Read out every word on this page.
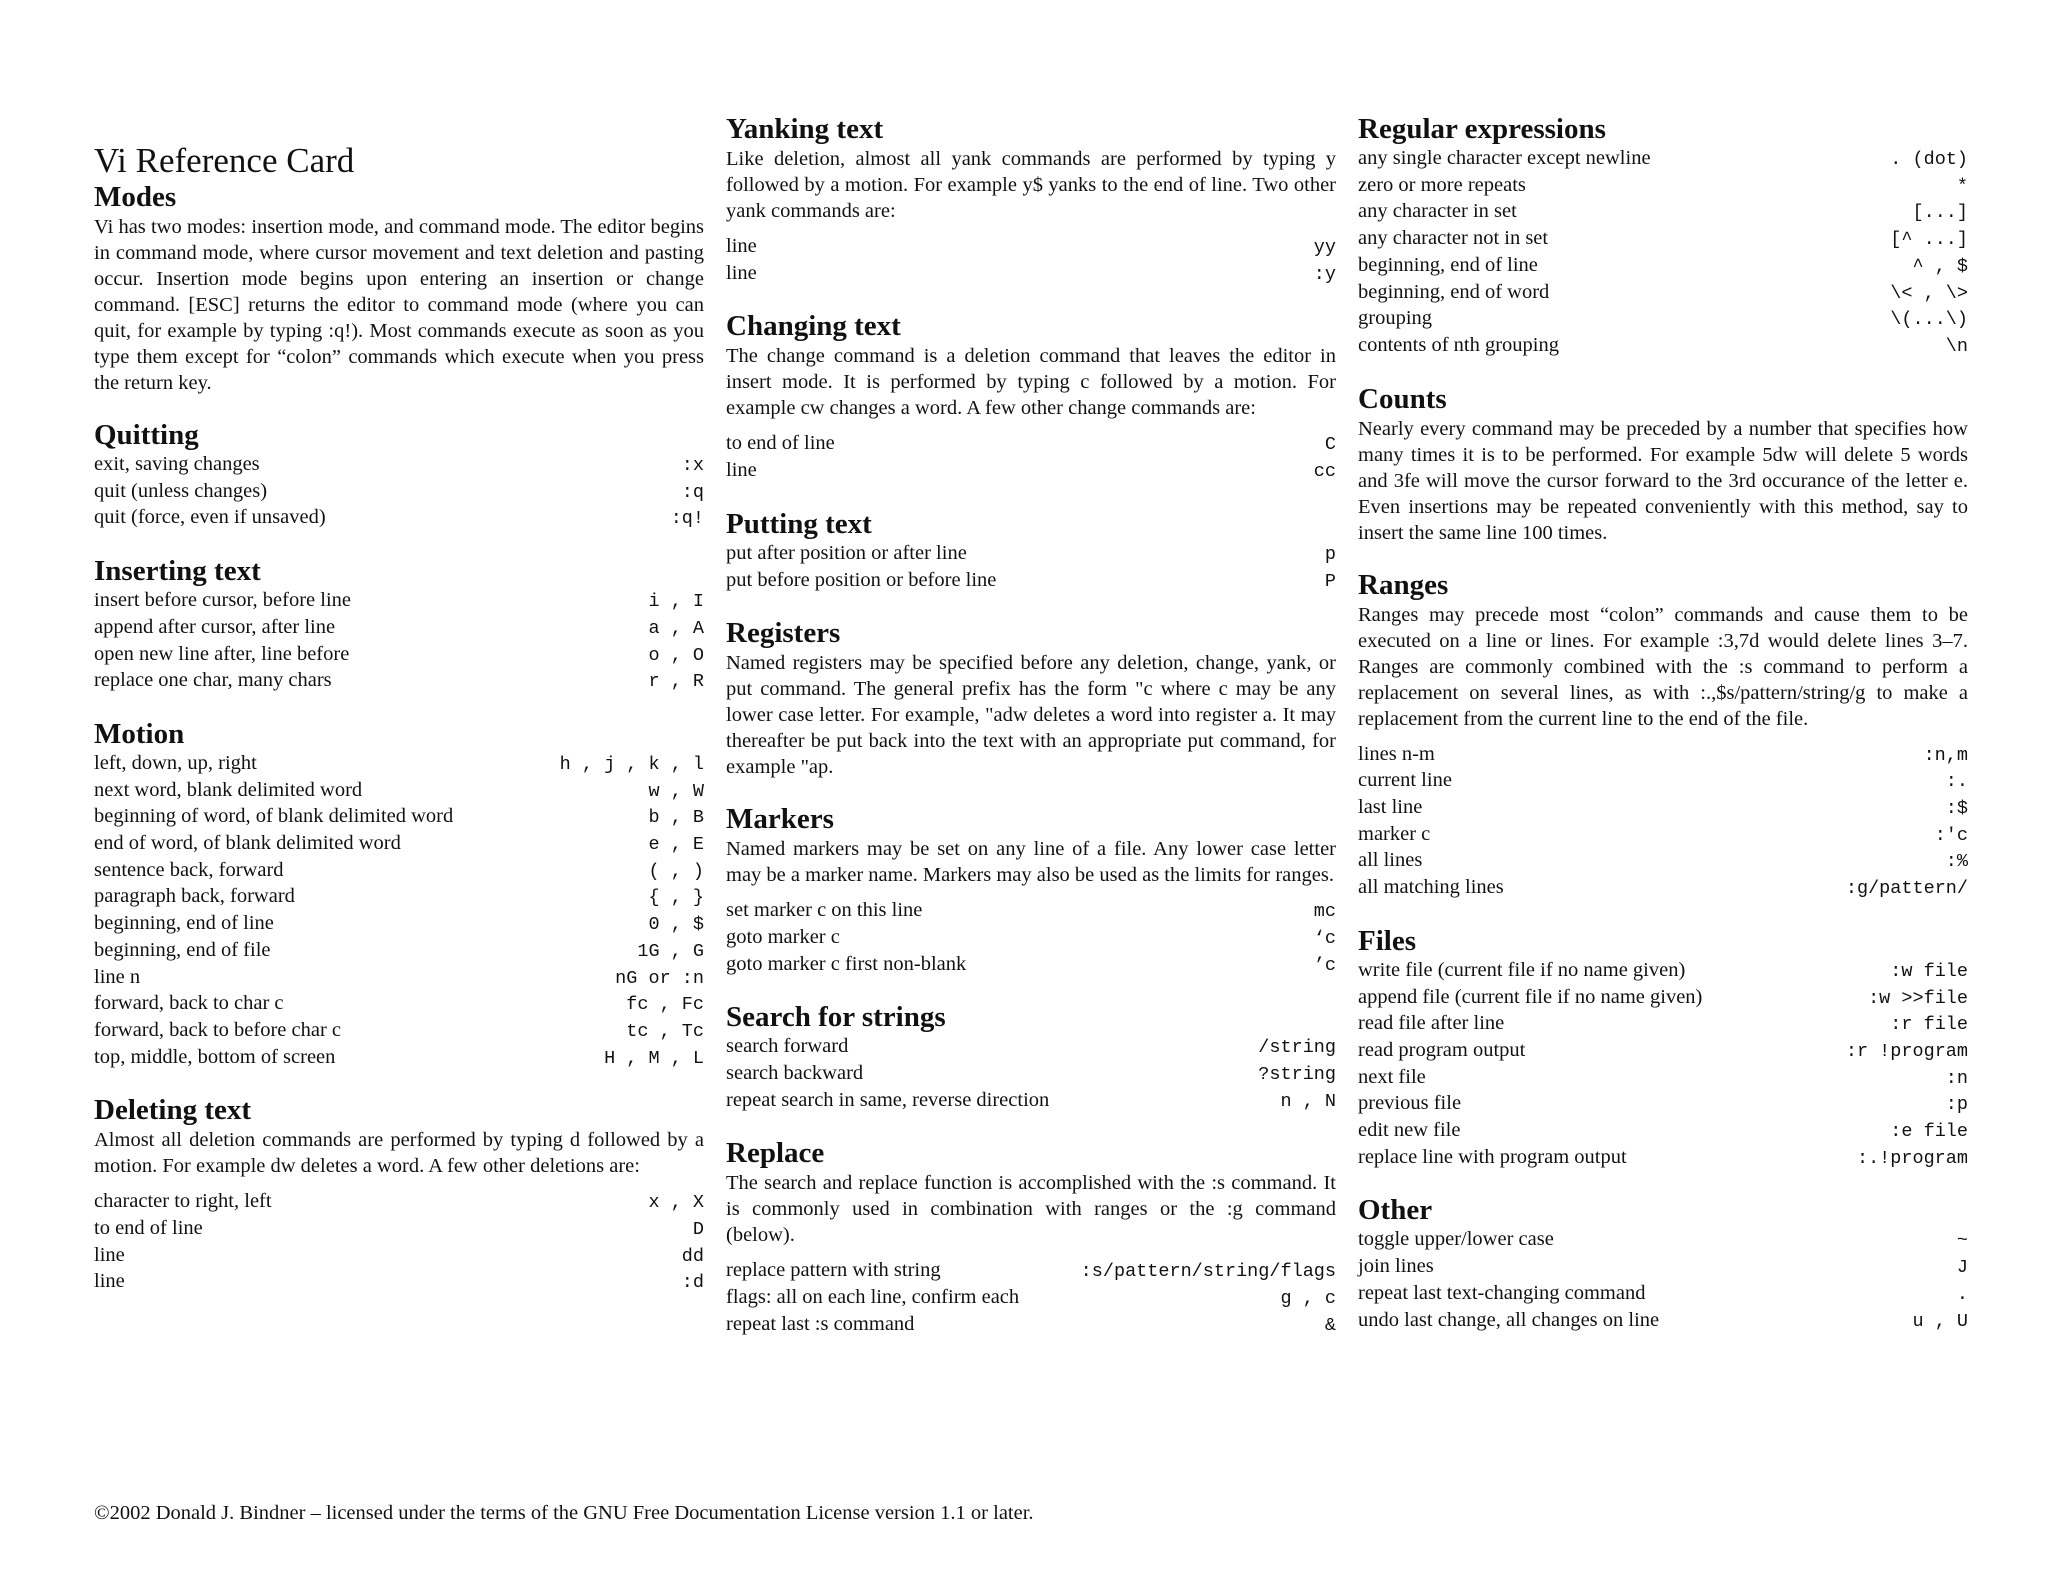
Vi Reference Card
Modes

Vi has two modes: insertion mode, and command mode. The editor begins in command mode, where cursor movement and text deletion and pasting occur. Insertion mode begins upon entering an insertion or change command. [ESC] returns the editor to command mode (where you can quit, for example by typing :q!). Most commands execute as soon as you type them except for “colon” commands which execute when you press the return key.

Quitting
exit, saving changes	:x
quit (unless changes)	:q
quit (force, even if unsaved)	:q!
Inserting text
insert before cursor, before line	i , I
append after cursor, after line	a , A
open new line after, line before	o , O
replace one char, many chars	r , R
Motion
left, down, up, right	h , j , k , l
next word, blank delimited word	w , W
beginning of word, of blank delimited word	b , B
end of word, of blank delimited word	e , E
sentence back, forward	( , )
paragraph back, forward	{ , }
beginning, end of line	0 , $
beginning, end of file	1G , G
line n	nG or :n
forward, back to char c	fc , Fc
forward, back to before char c	tc , Tc
top, middle, bottom of screen	H , M , L
Deleting text

Almost all deletion commands are performed by typing d followed by a motion. For example dw deletes a word. A few other deletions are:

character to right, left	x , X
to end of line	D
line	dd
line	:d
Yanking text

Like deletion, almost all yank commands are performed by typing y followed by a motion. For example y$ yanks to the end of line. Two other yank commands are:

line	yy
line	:y
Changing text

The change command is a deletion command that leaves the editor in insert mode. It is performed by typing c followed by a motion. For example cw changes a word. A few other change commands are:

to end of line	C
line	cc
Putting text
put after position or after line	p
put before position or before line	P
Registers

Named registers may be specified before any deletion, change, yank, or put command. The general prefix has the form "c where c may be any lower case letter. For example, "adw deletes a word into register a. It may thereafter be put back into the text with an appropriate put command, for example "ap.

Markers

Named markers may be set on any line of a file. Any lower case letter may be a marker name. Markers may also be used as the limits for ranges.

set marker c on this line	mc
goto marker c	‘c
goto marker c first non-blank	’c
Search for strings
search forward	/string
search backward	?string
repeat search in same, reverse direction	n , N
Replace

The search and replace function is accomplished with the :s command. It is commonly used in combination with ranges or the :g command (below).

replace pattern with string	:s/pattern/string/flags
flags: all on each line, confirm each	g , c
repeat last :s command	&
Regular expressions
any single character except newline	. (dot)
zero or more repeats	*
any character in set	[...]
any character not in set	[^ ...]
beginning, end of line	^ , $
beginning, end of word	\< , \>
grouping	\(...\)
contents of nth grouping	\n
Counts

Nearly every command may be preceded by a number that specifies how many times it is to be performed. For example 5dw will delete 5 words and 3fe will move the cursor forward to the 3rd occurance of the letter e. Even insertions may be repeated conveniently with this method, say to insert the same line 100 times.

Ranges

Ranges may precede most “colon” commands and cause them to be executed on a line or lines. For example :3,7d would delete lines 3–7. Ranges are commonly combined with the :s command to perform a replacement on several lines, as with :.,$s/pattern/string/g to make a replacement from the current line to the end of the file.

lines n-m	:n,m
current line	:.
last line	:$
marker c	:'c
all lines	:%
all matching lines	:g/pattern/
Files
write file (current file if no name given)	:w file
append file (current file if no name given)	:w >>file
read file after line	:r file
read program output	:r !program
next file	:n
previous file	:p
edit new file	:e file
replace line with program output	:.!program
Other
toggle upper/lower case	~
join lines	J
repeat last text-changing command	.
undo last change, all changes on line	u , U
©2002 Donald J. Bindner – licensed under the terms of the GNU Free Documentation License version 1.1 or later.
